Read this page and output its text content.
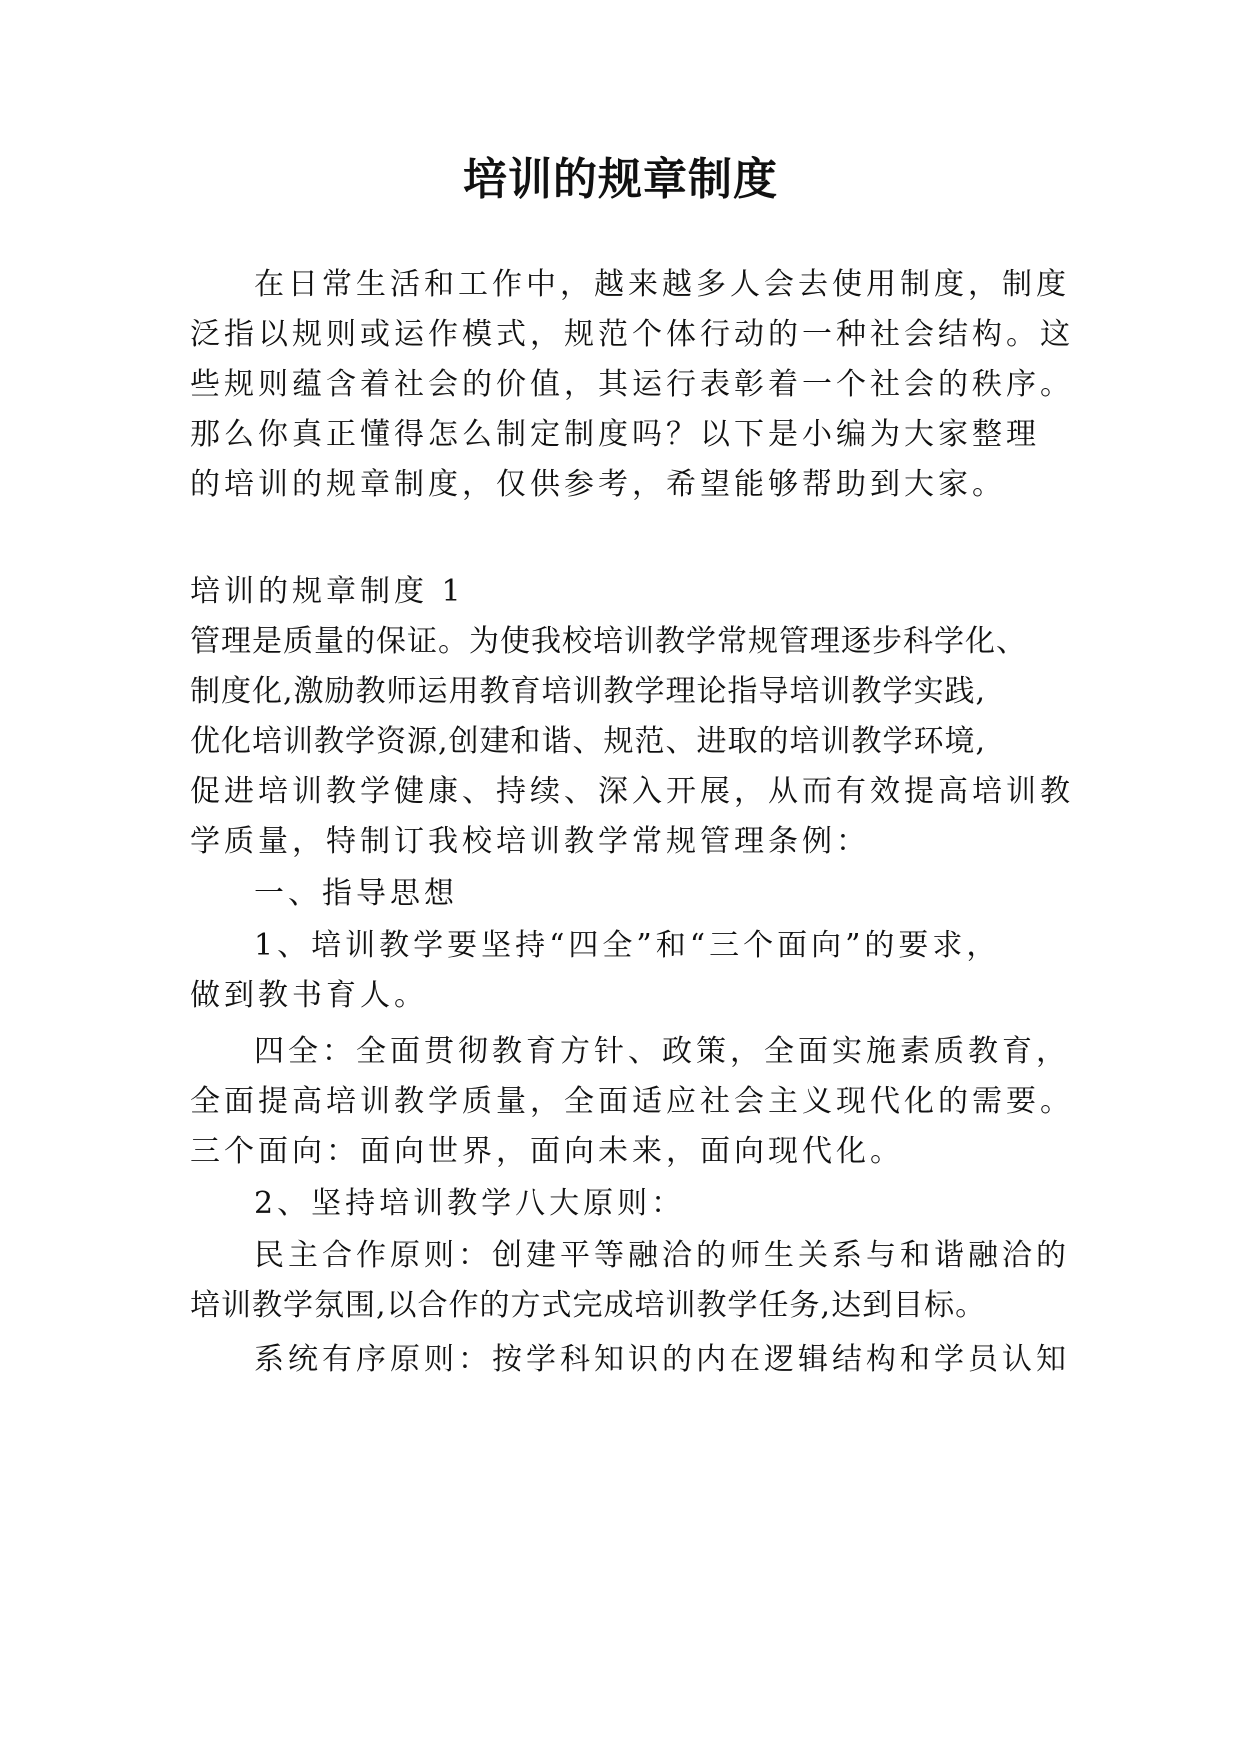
培训的规章制度
在日常生活和工作中，越来越多人会去使用制度，制度
泛指以规则或运作模式，规范个体行动的一种社会结构。这
些规则蕴含着社会的价值，其运行表彰着一个社会的秩序。
那么你真正懂得怎么制定制度吗？以下是小编为大家整理
的培训的规章制度，仅供参考，希望能够帮助到大家。
培训的规章制度 1
管理是质量的保证。为使我校培训教学常规管理逐步科学化、
制度化,激励教师运用教育培训教学理论指导培训教学实践,
优化培训教学资源,创建和谐、规范、进取的培训教学环境,
促进培训教学健康、持续、深入开展，从而有效提高培训教
学质量，特制订我校培训教学常规管理条例：
一、指导思想
1、培训教学要坚持“四全”和“三个面向”的要求，
做到教书育人。
四全：全面贯彻教育方针、政策，全面实施素质教育，
全面提高培训教学质量，全面适应社会主义现代化的需要。
三个面向：面向世界，面向未来，面向现代化。
2、坚持培训教学八大原则：
民主合作原则：创建平等融洽的师生关系与和谐融洽的
培训教学氛围,以合作的方式完成培训教学任务,达到目标。
系统有序原则：按学科知识的内在逻辑结构和学员认知
